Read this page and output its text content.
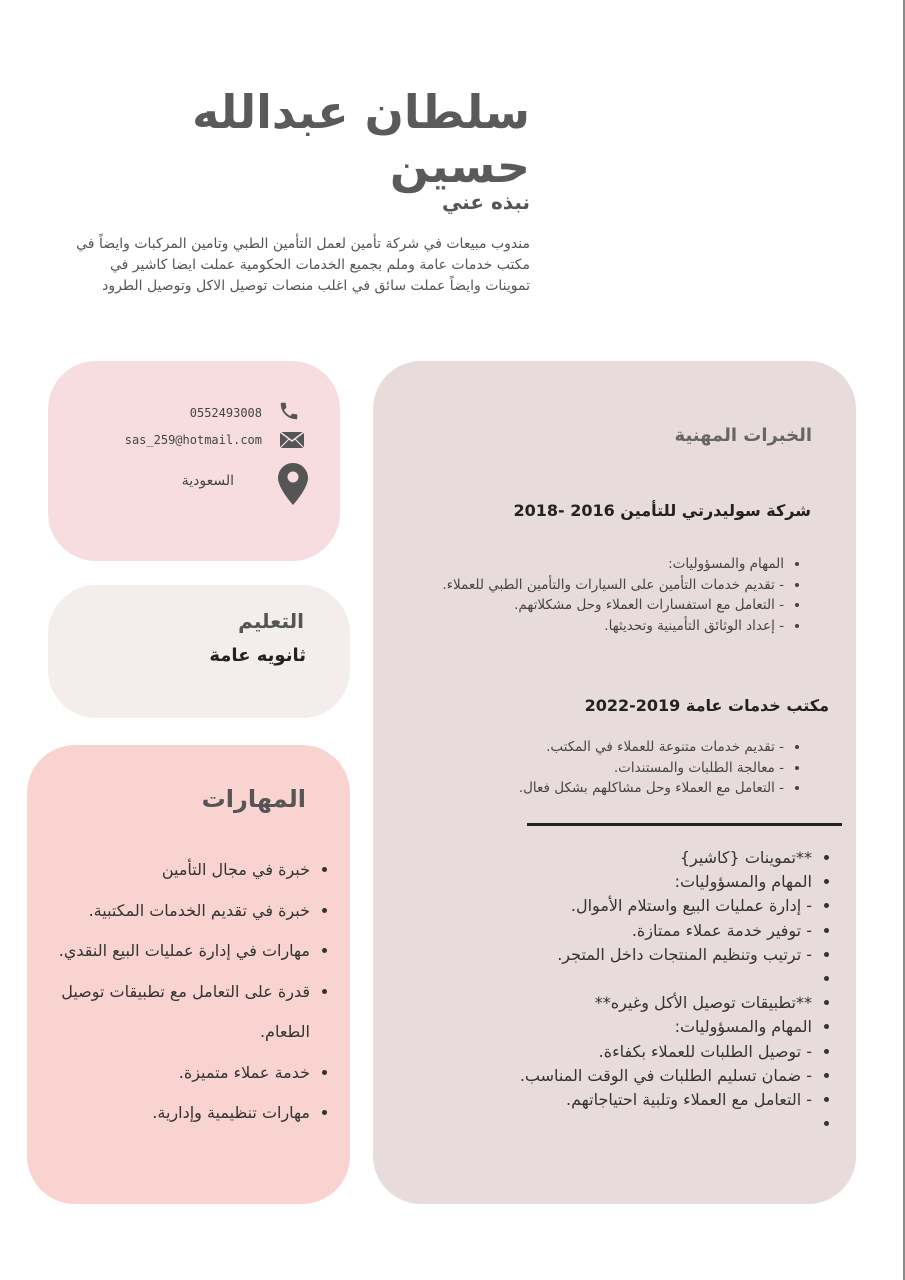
سلطان عبدالله حسين
نبذه عني

مندوب مبيعات في شركة تأمين لعمل التأمين الطبي وتامين المركبات وايضاً في مكتب خدمات عامة وملم بجميع الخدمات الحكومية عملت ايضا كاشير في تموينات وايضاً عملت سائق في اغلب منصات توصيل الاكل وتوصيل الطرود

0552493008
sas_259@hotmail.com
السعودية
التعليم
ثانويه عامة
المهارات
• خبرة في مجال التأمين
• خبرة في تقديم الخدمات المكتبية.
• مهارات في إدارة عمليات البيع النقدي.
• قدرة على التعامل مع تطبيقات توصيل الطعام.
• خدمة عملاء متميزة.
• مهارات تنظيمية وإدارية.
الخبرات المهنية
شركة سوليدرتي للتأمين 2016 -2018
• المهام والمسؤوليات:
• - تقديم خدمات التأمين على السيارات والتأمين الطبي للعملاء.
• - التعامل مع استفسارات العملاء وحل مشكلاتهم.
• - إعداد الوثائق التأمينية وتحديثها.
مكتب خدمات عامة 2019-2022
• - تقديم خدمات متنوعة للعملاء في المكتب.
• - معالجة الطلبات والمستندات.
• - التعامل مع العملاء وحل مشاكلهم بشكل فعال.
• **تموينات {كاشير}
• المهام والمسؤوليات:
• - إدارة عمليات البيع واستلام الأموال.
• - توفير خدمة عملاء ممتازة.
• - ترتيب وتنظيم المنتجات داخل المتجر.
•
• **تطبيقات توصيل الأكل وغيره**
• المهام والمسؤوليات:
• - توصيل الطلبات للعملاء بكفاءة.
• - ضمان تسليم الطلبات في الوقت المناسب.
• - التعامل مع العملاء وتلبية احتياجاتهم.
•
